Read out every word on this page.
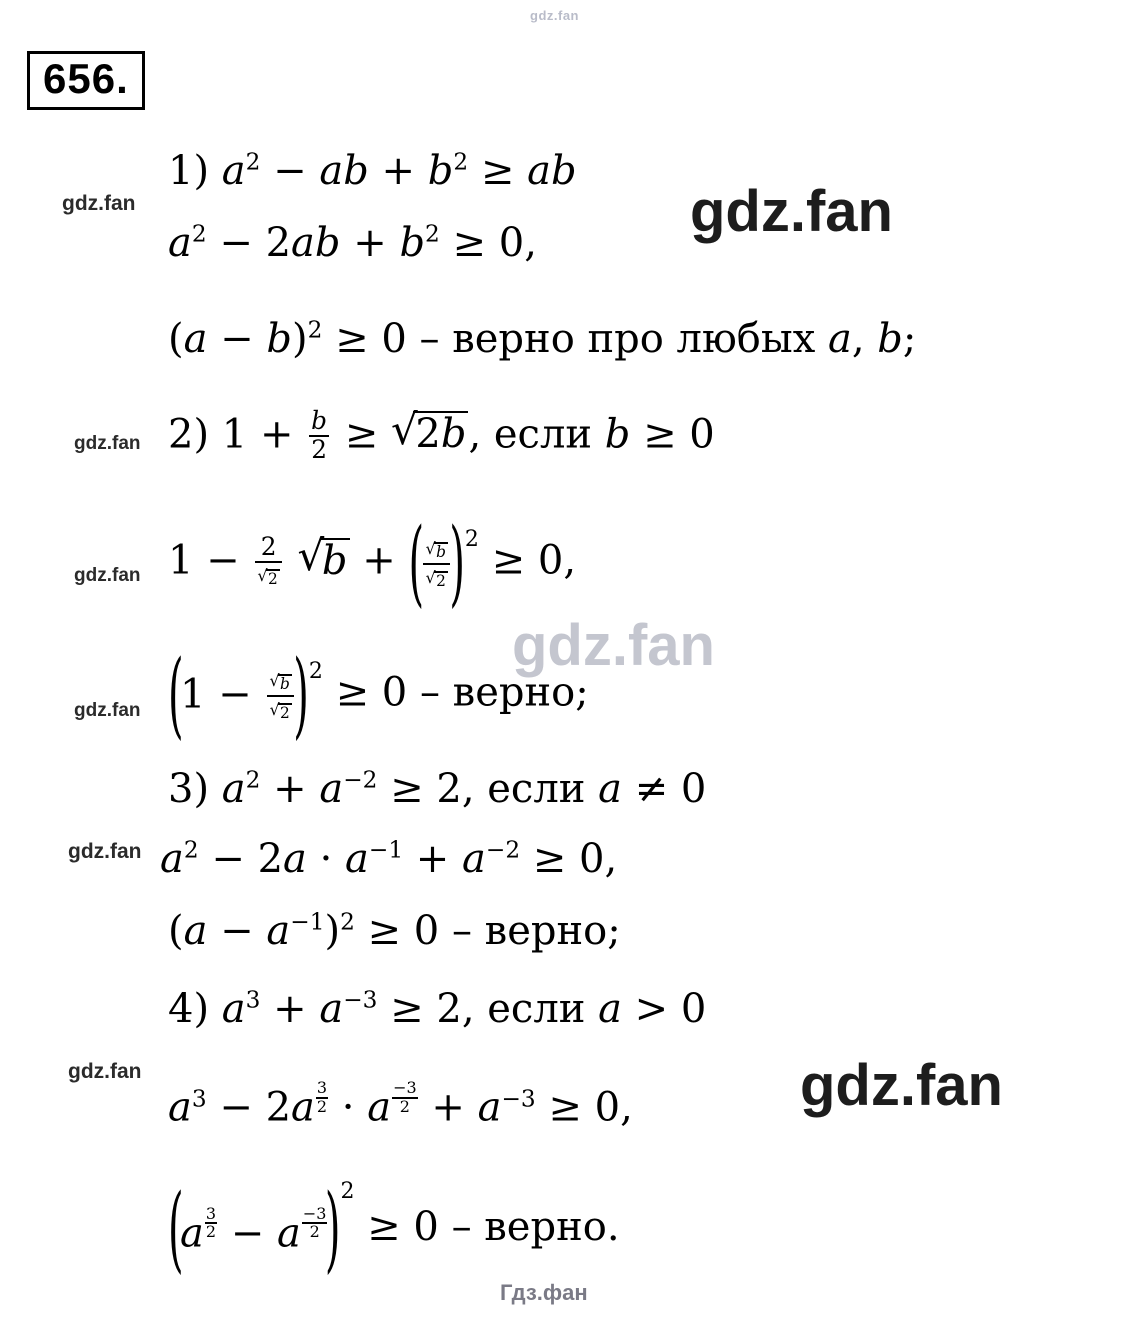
gdz.fan
656.
gdz.fan
gdz.fan
gdz.fan
gdz.fan
gdz.fan
gdz.fan
gdz.fan
gdz.fan
gdz.fan
1) $a^2$ − ab + $b^2$ ≥ ab
$a^2 - 2ab + b^2 \ge 0$,
$(a - b)^2 \ge 0$ – верно про любых a, b;
2) $1 + \frac{b}{2}$ ≥ √ 2b, если b ≥ 0
1 − 2
√ 2 √ b + ( √ b
√ 2
) $^2$ ≥ 0,
( 1 − √ b
√ 2
) $^2$ ≥ 0 – верно;
3) $a^2 + a^{-2} \ge 2$, если a ≠ 0
$a^2 - 2a \cdot a^{-1} + a^{-2} \ge 0$,
$(a - a^{-1})^2 \ge 0$ – верно;
4) $a^3 + a^{-3} \ge 2$, если a > 0
$a^3 - 2a \frac{3}{2} \cdot a \frac{-3}{2} + a^{-3} \ge 0$,
( a $\frac{3}{2} - a \frac{-3}{2}$
)$^2$ ≥ 0 – верно.
Гдз.фан
